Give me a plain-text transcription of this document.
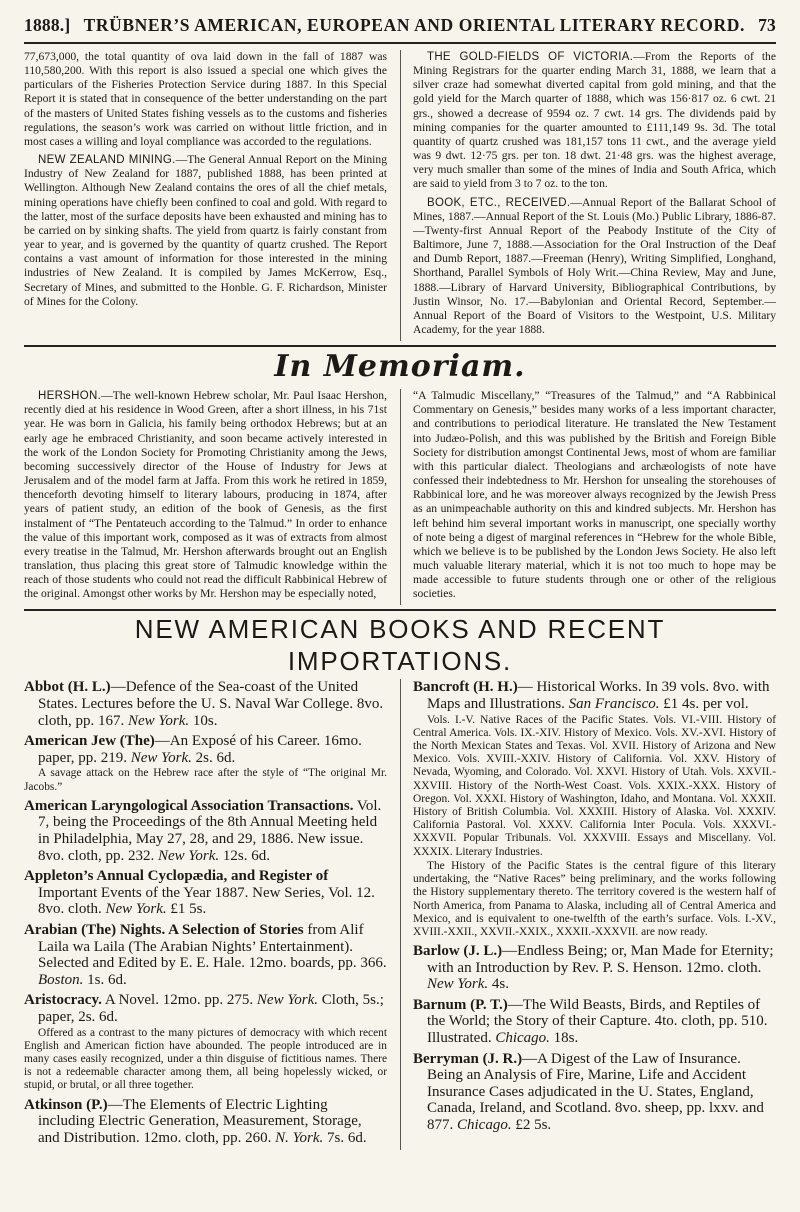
1888.] TRÜBNER’S AMERICAN, EUROPEAN AND ORIENTAL LITERARY RECORD. 73

77,673,000, the total quantity of ova laid down in the fall of 1887 was 110,580,200. With this report is also issued a special one which gives the particulars of the Fisheries Protection Service during 1887. In this Special Report it is stated that in consequence of the better understanding on the part of the masters of United States fishing vessels as to the customs and fisheries regulations, the season’s work was carried on without little friction, and in most cases a willing and loyal compliance was accorded to the regulations.

NEW ZEALAND MINING.—The General Annual Report on the Mining Industry of New Zealand for 1887, published 1888, has been printed at Wellington. Although New Zealand contains the ores of all the chief metals, mining operations have chiefly been confined to coal and gold. With regard to the latter, most of the surface deposits have been exhausted and mining has to be carried on by sinking shafts. The yield from quartz is fairly constant from year to year, and is governed by the quantity of quartz crushed. The Report contains a vast amount of information for those interested in the mining industries of New Zealand. It is compiled by James McKerrow, Esq., Secretary of Mines, and submitted to the Honble. G. F. Richardson, Minister of Mines for the Colony.

THE GOLD-FIELDS OF VICTORIA.—From the Reports of the Mining Registrars for the quarter ending March 31, 1888, we learn that a silver craze had somewhat diverted capital from gold mining, and that the gold yield for the March quarter of 1888, which was 156·817 oz. 6 cwt. 21 grs., showed a decrease of 9594 oz. 7 cwt. 14 grs. The dividends paid by mining companies for the quarter amounted to £111,149 9s. 3d. The total quantity of quartz crushed was 181,157 tons 11 cwt., and the average yield was 9 dwt. 12·75 grs. per ton. 18 dwt. 21·48 grs. was the highest average, very much smaller than some of the mines of India and South Africa, which are said to yield from 3 to 7 oz. to the ton.

BOOK, ETC., RECEIVED.—Annual Report of the Ballarat School of Mines, 1887.—Annual Report of the St. Louis (Mo.) Public Library, 1886-87.—Twenty-first Annual Report of the Peabody Institute of the City of Baltimore, June 7, 1888.—Association for the Oral Instruction of the Deaf and Dumb Report, 1887.—Freeman (Henry), Writing Simplified, Longhand, Shorthand, Parallel Symbols of Holy Writ.—China Review, May and June, 1888.—Library of Harvard University, Bibliographical Contributions, by Justin Winsor, No. 17.—Babylonian and Oriental Record, September.—Annual Report of the Board of Visitors to the Westpoint, U.S. Military Academy, for the year 1888.

In Memoriam.

HERSHON.—The well-known Hebrew scholar, Mr. Paul Isaac Hershon, recently died at his residence in Wood Green, after a short illness, in his 71st year. He was born in Galicia, his family being orthodox Hebrews; but at an early age he embraced Christianity, and soon became actively interested in the work of the London Society for Promoting Christianity among the Jews, becoming successively director of the House of Industry for Jews at Jerusalem and of the model farm at Jaffa. From this work he retired in 1859, thenceforth devoting himself to literary labours, producing in 1874, after years of patient study, an edition of the book of Genesis, as the first instalment of “The Pentateuch according to the Talmud.” In order to enhance the value of this important work, composed as it was of extracts from almost every treatise in the Talmud, Mr. Hershon afterwards brought out an English translation, thus placing this great store of Talmudic knowledge within the reach of those students who could not read the difficult Rabbinical Hebrew of the original. Amongst other works by Mr. Hershon may be especially noted,

“A Talmudic Miscellany,” “Treasures of the Talmud,” and “A Rabbinical Commentary on Genesis,” besides many works of a less important character, and contributions to periodical literature. He translated the New Testament into Judæo-Polish, and this was published by the British and Foreign Bible Society for distribution amongst Continental Jews, most of whom are familiar with this particular dialect. Theologians and archæologists of note have confessed their indebtedness to Mr. Hershon for unsealing the storehouses of Rabbinical lore, and he was moreover always recognized by the Jewish Press as an unimpeachable authority on this and kindred subjects. Mr. Hershon has left behind him several important works in manuscript, one specially worthy of note being a digest of marginal references in “Hebrew for the whole Bible, which we believe is to be published by the London Jews Society. He also left much valuable literary material, which it is not too much to hope may be made accessible to future students through one or other of the religious societies.

NEW AMERICAN BOOKS AND RECENT IMPORTATIONS.
Abbot (H. L.)—Defence of the Sea-coast of the United States. Lectures before the U. S. Naval War College. 8vo. cloth, pp. 167. New York. 10s.
American Jew (The)—An Exposé of his Career. 16mo. paper, pp. 219. New York. 2s. 6d.
A savage attack on the Hebrew race after the style of “The original Mr. Jacobs.”
American Laryngological Association Transactions. Vol. 7, being the Proceedings of the 8th Annual Meeting held in Philadelphia, May 27, 28, and 29, 1886. New issue. 8vo. cloth, pp. 232. New York. 12s. 6d.
Appleton’s Annual Cyclopædia, and Register of Important Events of the Year 1887. New Series, Vol. 12. 8vo. cloth. New York. £1 5s.
Arabian (The) Nights. A Selection of Stories from Alif Laila wa Laila (The Arabian Nights’ Entertainment). Selected and Edited by E. E. Hale. 12mo. boards, pp. 366. Boston. 1s. 6d.
Aristocracy. A Novel. 12mo. pp. 275. New York. Cloth, 5s.; paper, 2s. 6d.
Offered as a contrast to the many pictures of democracy with which recent English and American fiction have abounded. The people introduced are in many cases easily recognized, under a thin disguise of fictitious names. There is not a redeemable character among them, all being hopelessly wicked, or stupid, or brutal, or all three together.
Atkinson (P.)—The Elements of Electric Lighting including Electric Generation, Measurement, Storage, and Distribution. 12mo. cloth, pp. 260. N. York. 7s. 6d.
Bancroft (H. H.)— Historical Works. In 39 vols. 8vo. with Maps and Illustrations. San Francisco. £1 4s. per vol.
Vols. I.-V. Native Races of the Pacific States. Vols. VI.-VIII. History of Central America. Vols. IX.-XIV. History of Mexico. Vols. XV.-XVI. History of the North Mexican States and Texas. Vol. XVII. History of Arizona and New Mexico. Vols. XVIII.-XXIV. History of California. Vol. XXV. History of Nevada, Wyoming, and Colorado. Vol. XXVI. History of Utah. Vols. XXVII.-XXVIII. History of the North-West Coast. Vols. XXIX.-XXX. History of Oregon. Vol. XXXI. History of Washington, Idaho, and Montana. Vol. XXXII. History of British Columbia. Vol. XXXIII. History of Alaska. Vol. XXXIV. California Pastoral. Vol. XXXV. California Inter Pocula. Vols. XXXVI.-XXXVII. Popular Tribunals. Vol. XXXVIII. Essays and Miscellany. Vol. XXXIX. Literary Industries.
The History of the Pacific States is the central figure of this literary undertaking, the “Native Races” being preliminary, and the works following the History supplementary thereto. The territory covered is the western half of North America, from Panama to Alaska, including all of Central America and Mexico, and is equivalent to one-twelfth of the earth’s surface. Vols. I.-XV., XVIII.-XXII., XXVII.-XXIX., XXXII.-XXXVII. are now ready.
Barlow (J. L.)—Endless Being; or, Man Made for Eternity; with an Introduction by Rev. P. S. Henson. 12mo. cloth. New York. 4s.
Barnum (P. T.)—The Wild Beasts, Birds, and Reptiles of the World; the Story of their Capture. 4to. cloth, pp. 510. Illustrated. Chicago. 18s.
Berryman (J. R.)—A Digest of the Law of Insurance. Being an Analysis of Fire, Marine, Life and Accident Insurance Cases adjudicated in the U. States, England, Canada, Ireland, and Scotland. 8vo. sheep, pp. lxxv. and 877. Chicago. £2 5s.
